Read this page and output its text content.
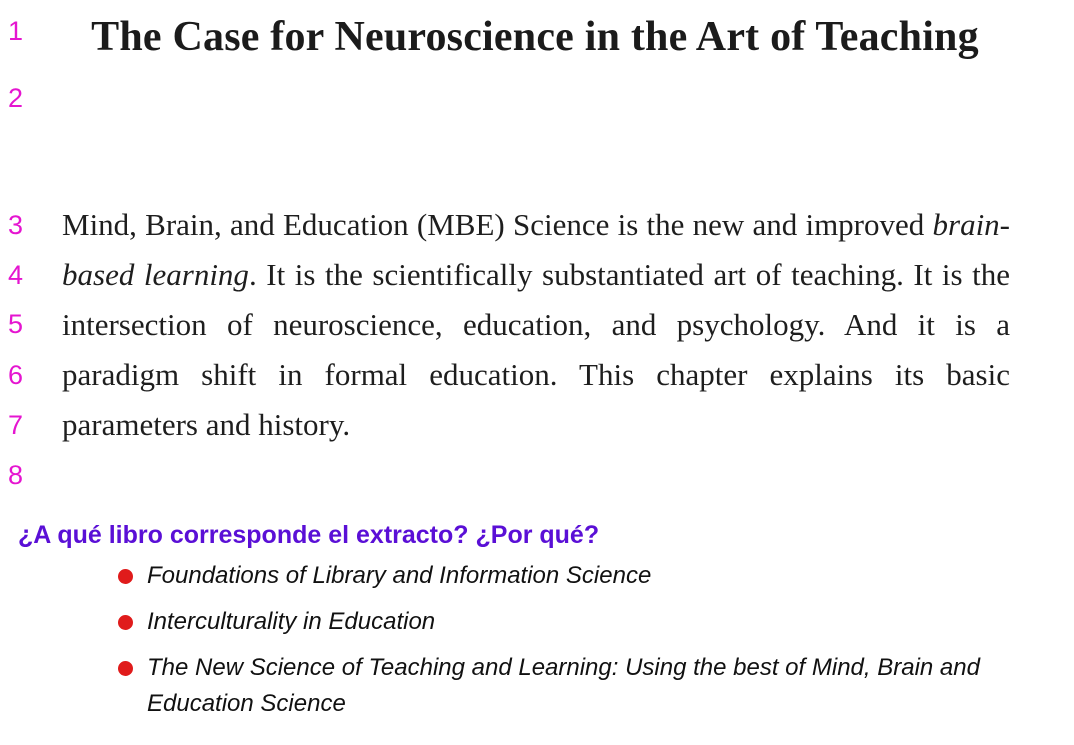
1
2
3
4
5
6
7
8
The Case for Neuroscience in the Art of Teaching
Mind, Brain, and Education (MBE) Science is the new and improved brain-based learning. It is the scientifically substantiated art of teaching. It is the intersection of neuroscience, education, and psychology. And it is a paradigm shift in formal education. This chapter explains its basic parameters and history.
¿A qué libro corresponde el extracto? ¿Por qué?
Foundations of Library and Information Science
Interculturality in Education
The New Science of Teaching and Learning: Using the best of Mind, Brain and Education Science
